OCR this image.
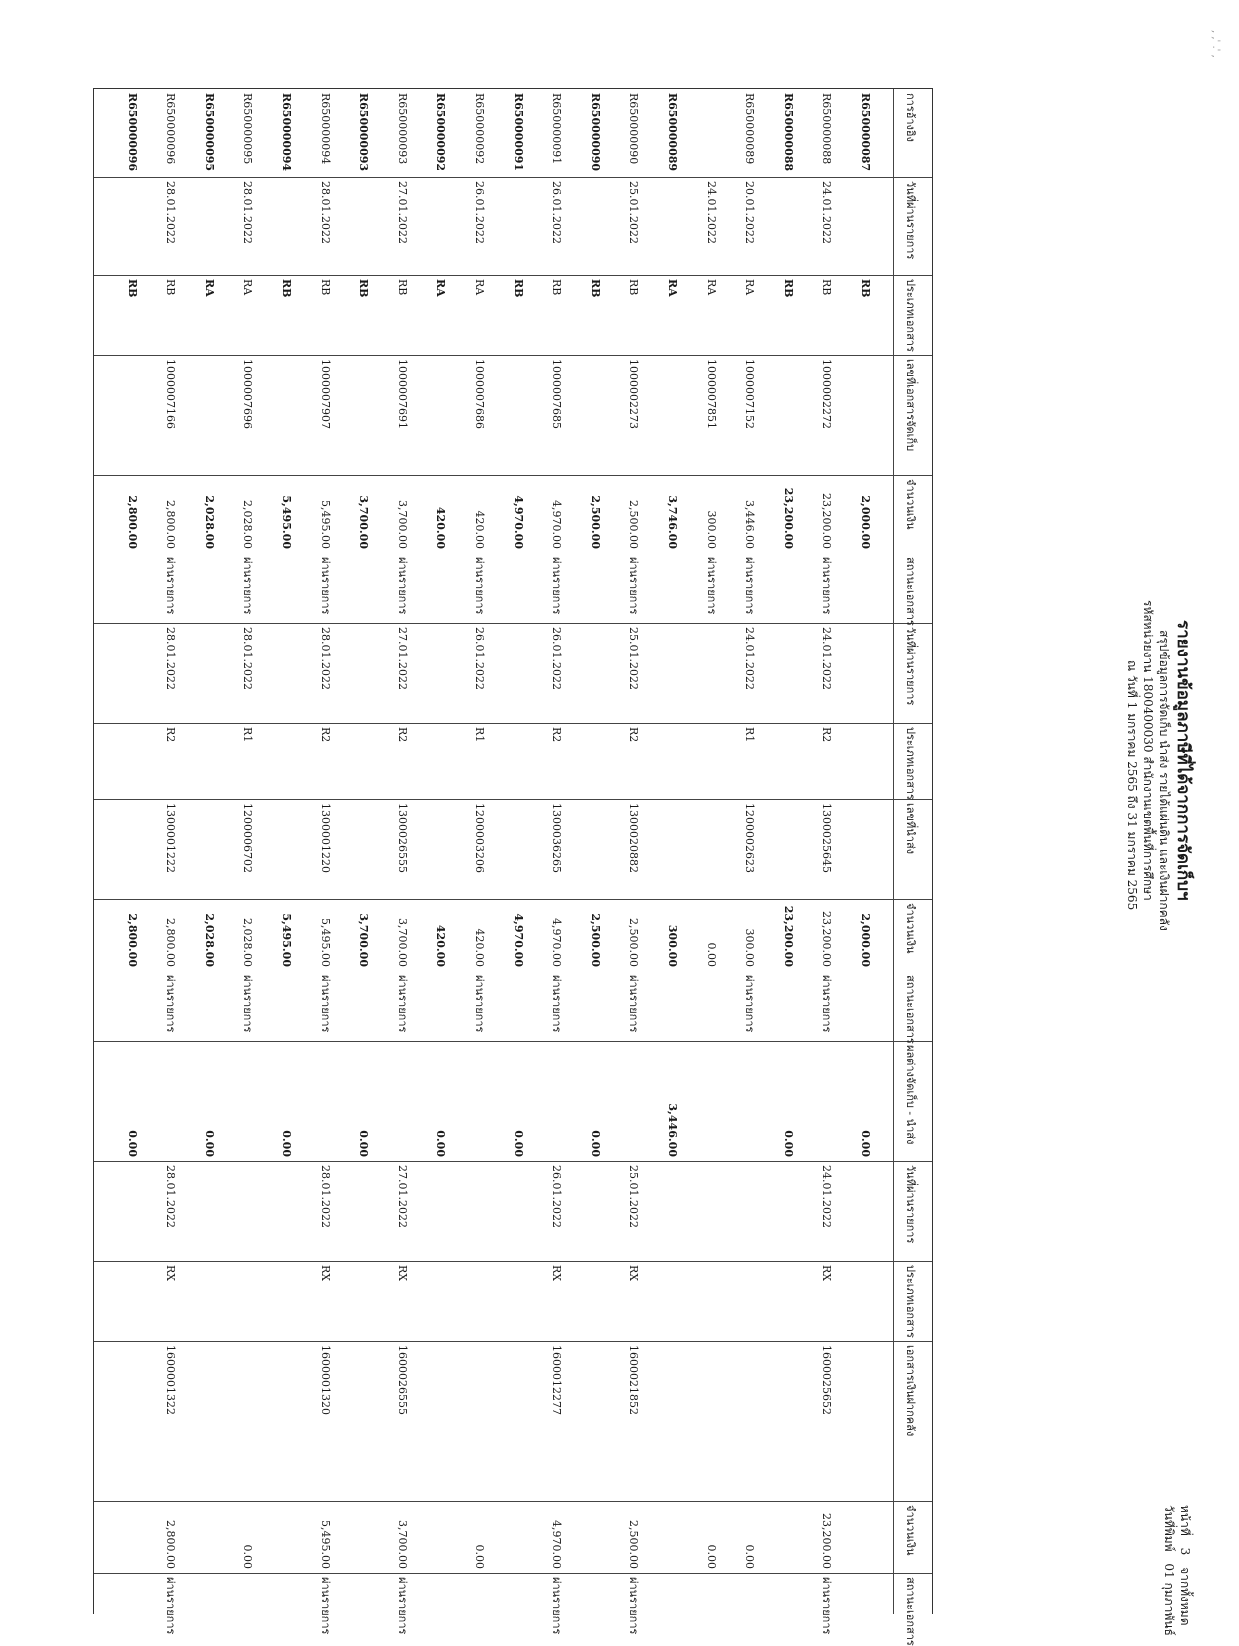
, ,' .' ,
รายงานข้อมูลภาษีที่ได้จากการจัดเก็บฯ
สรุปข้อมูลการจัดเก็บ นำส่ง รายได้แผ่นดิน และเงินฝากคลัง
รหัสหน่วยงาน 1800400030 สำนักงานเขตพื้นที่การศึกษา
ณ วันที่ 1 มกราคม 2565 ถึง 31 มกราคม 2565
หน้าที่ 3 จากทั้งหมด
วันที่พิมพ์ 01 กุมภาพันธ์
การอ้างอิง
วันที่ผ่านรายการ
ประเภทเอกสาร
เลขที่เอกสารจัดเก็บ
จำนวนเงิน
สถานะเอกสาร
วันที่ผ่านรายการ
ประเภทเอกสาร
เลขที่นำส่ง
จำนวนเงิน
สถานะเอกสาร
ผลต่างจัดเก็บ - นำส่ง
วันที่ผ่านรายการ
ประเภทเอกสาร
เอกสารเงินฝากคลัง
จำนวนเงิน
สถานะเอกสาร
R650000087
RB
2,000.00
2,000.00
0.00
R650000088
24.01.2022
RB
1000002272
23,200.00
ผ่านรายการ
24.01.2022
R2
1300025645
23,200.00
ผ่านรายการ
24.01.2022
RX
1600025652
23,200.00
ผ่านรายการ
R650000088
RB
23,200.00
23,200.00
0.00
R650000089
20.01.2022
RA
1000007152
3,446.00
ผ่านรายการ
24.01.2022
R1
1200002623
300.00
ผ่านรายการ
0.00
24.01.2022
RA
1000007851
300.00
ผ่านรายการ
0.00
0.00
R650000089
RA
3,746.00
300.00
3,446.00
R650000090
25.01.2022
RB
1000002273
2,500.00
ผ่านรายการ
25.01.2022
R2
1300020882
2,500.00
ผ่านรายการ
25.01.2022
RX
1600021852
2,500.00
ผ่านรายการ
R650000090
RB
2,500.00
2,500.00
0.00
R650000091
26.01.2022
RB
1000007685
4,970.00
ผ่านรายการ
26.01.2022
R2
1300036265
4,970.00
ผ่านรายการ
26.01.2022
RX
1600012277
4,970.00
ผ่านรายการ
R650000091
RB
4,970.00
4,970.00
0.00
R650000092
26.01.2022
RA
1000007686
420.00
ผ่านรายการ
26.01.2022
R1
1200003206
420.00
ผ่านรายการ
0.00
R650000092
RA
420.00
420.00
0.00
R650000093
27.01.2022
RB
1000007691
3,700.00
ผ่านรายการ
27.01.2022
R2
1300026555
3,700.00
ผ่านรายการ
27.01.2022
RX
1600026555
3,700.00
ผ่านรายการ
R650000093
RB
3,700.00
3,700.00
0.00
R650000094
28.01.2022
RB
1000007907
5,495.00
ผ่านรายการ
28.01.2022
R2
1300001220
5,495.00
ผ่านรายการ
28.01.2022
RX
1600001320
5,495.00
ผ่านรายการ
R650000094
RB
5,495.00
5,495.00
0.00
R650000095
28.01.2022
RA
1000007696
2,028.00
ผ่านรายการ
28.01.2022
R1
1200006702
2,028.00
ผ่านรายการ
0.00
R650000095
RA
2,028.00
2,028.00
0.00
R650000096
28.01.2022
RB
1000007166
2,800.00
ผ่านรายการ
28.01.2022
R2
1300001222
2,800.00
ผ่านรายการ
28.01.2022
RX
1600001322
2,800.00
ผ่านรายการ
R650000096
RB
2,800.00
2,800.00
0.00
